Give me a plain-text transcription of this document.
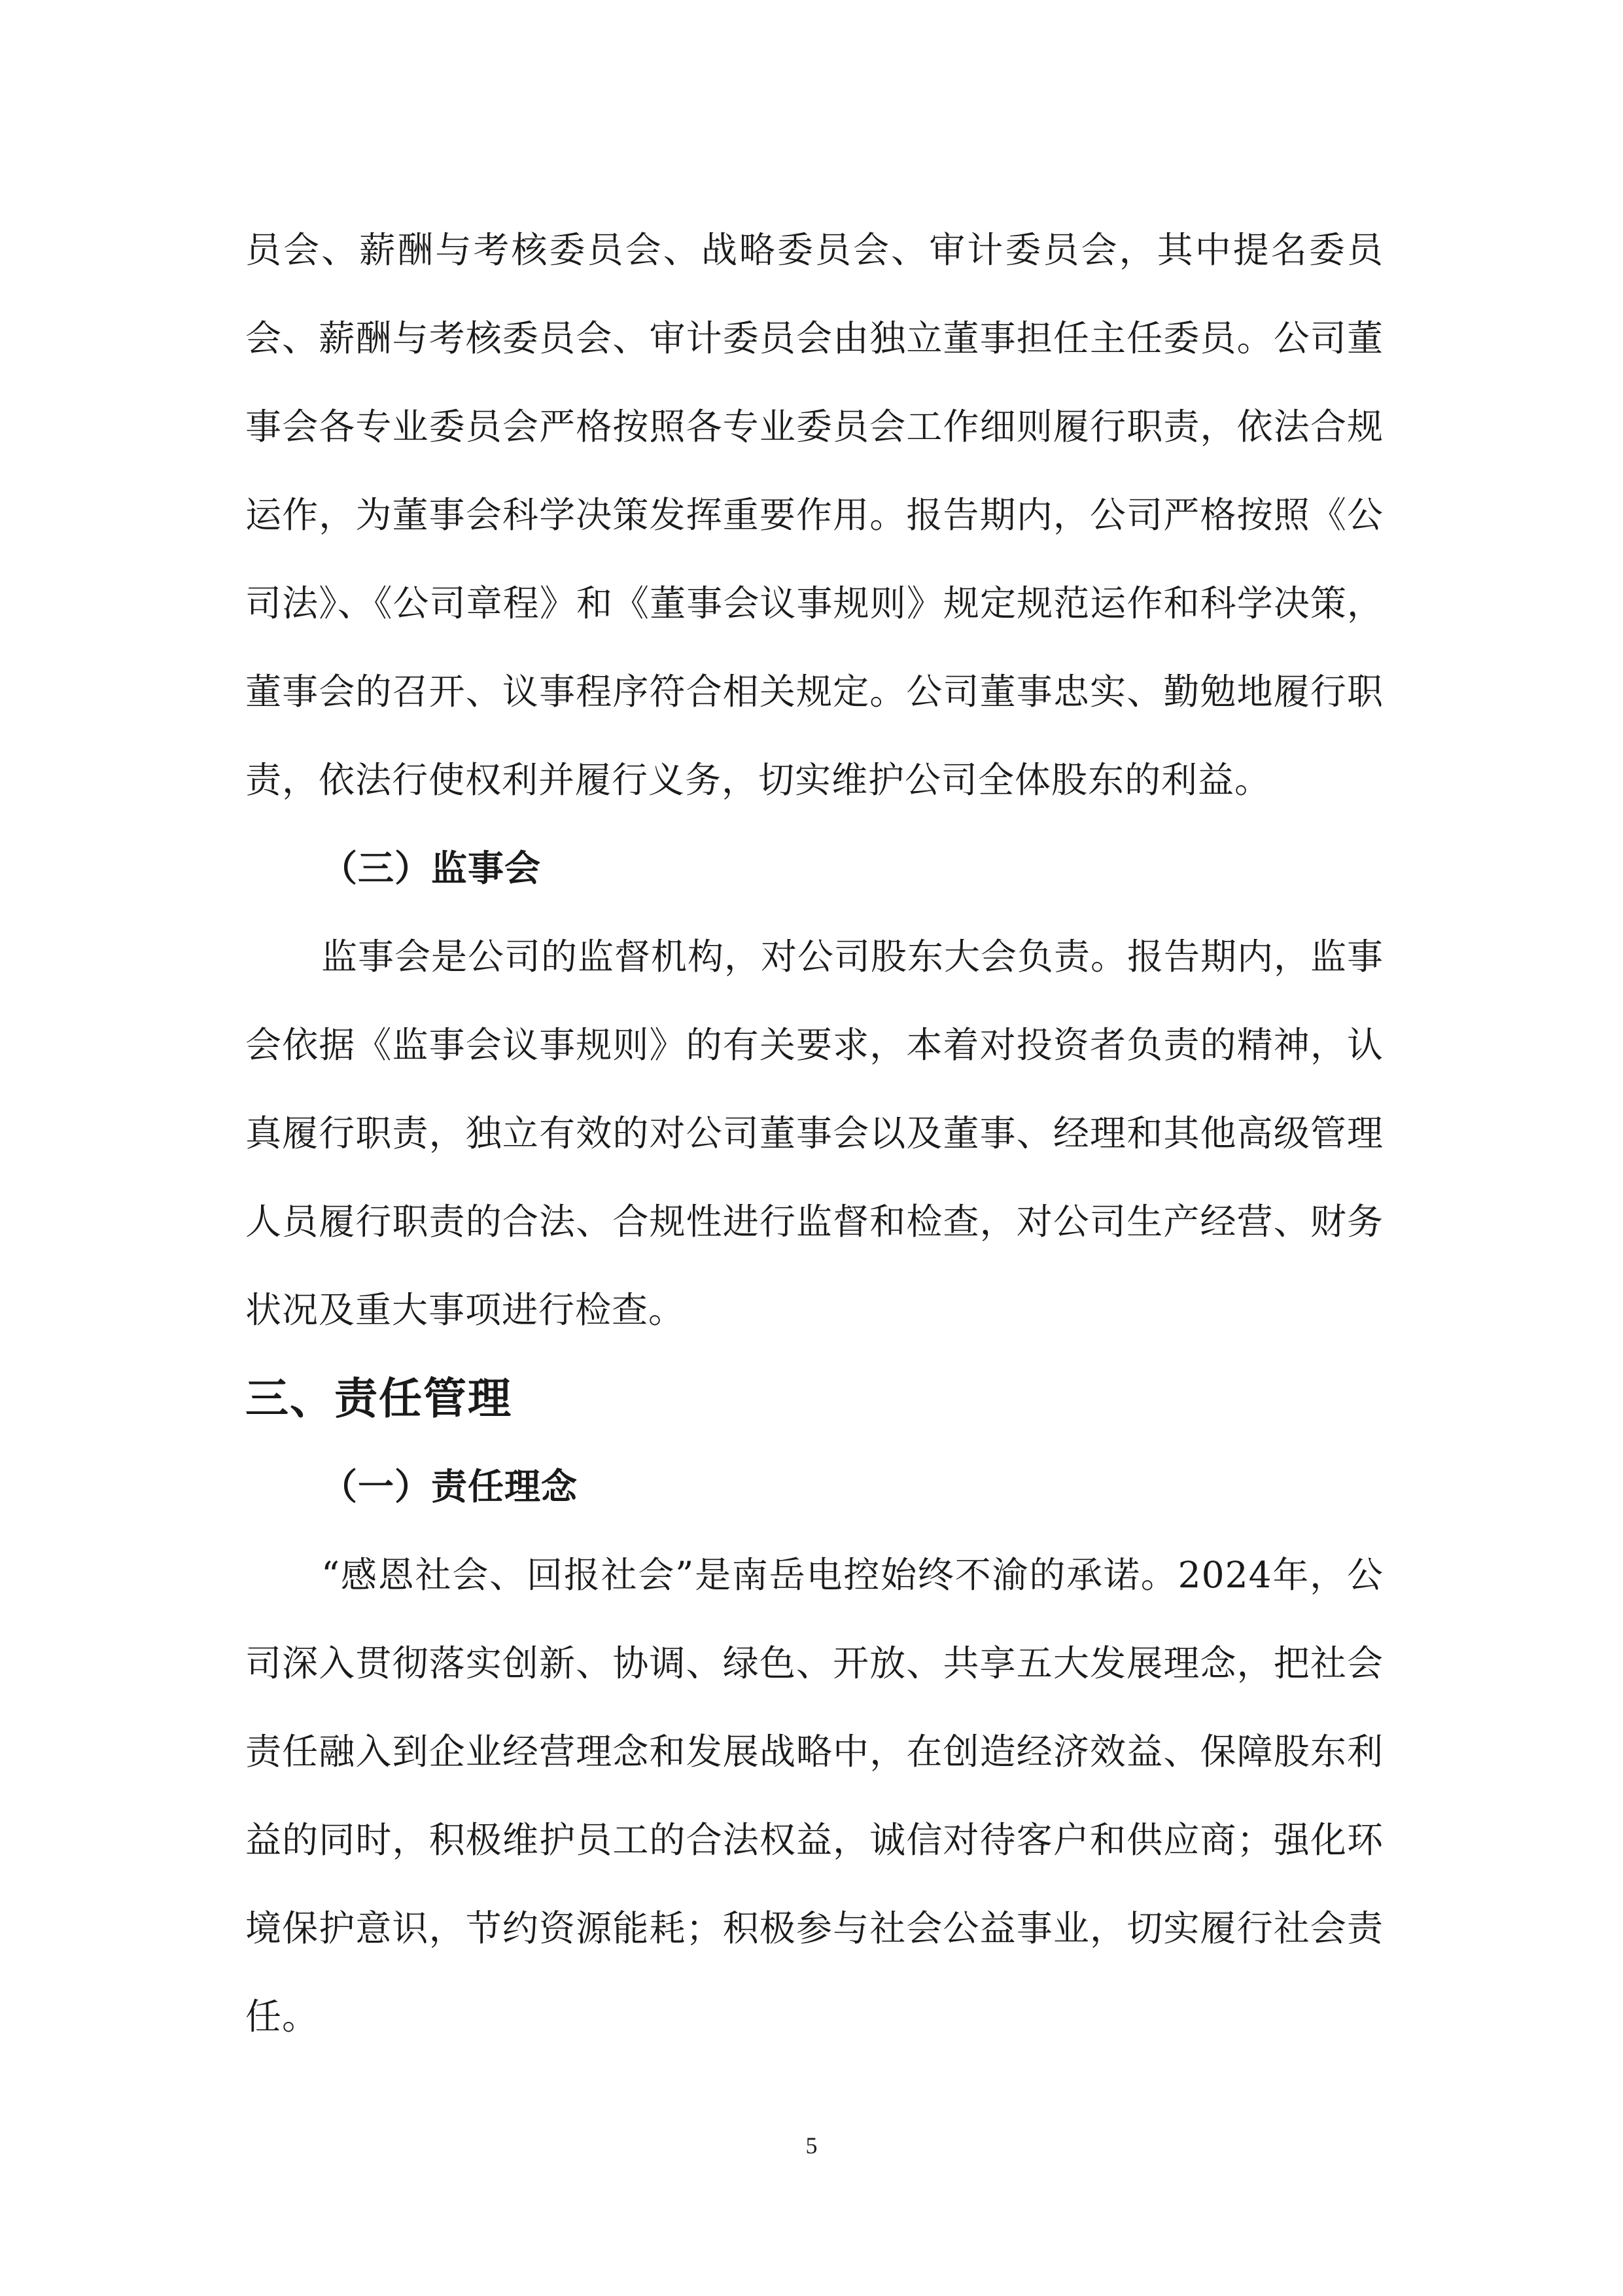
员会、薪酬与考核委员会、战略委员会、审计委员会，其中提名委员会、薪酬与考核委员会、审计委员会由独立董事担任主任委员。公司董事会各专业委员会严格按照各专业委员会工作细则履行职责，依法合规运作，为董事会科学决策发挥重要作用。报告期内，公司严格按照《公司法》、《公司章程》和《董事会议事规则》规定规范运作和科学决策，董事会的召开、议事程序符合相关规定。公司董事忠实、勤勉地履行职责，依法行使权利并履行义务，切实维护公司全体股东的利益。

（三）监事会

监事会是公司的监督机构，对公司股东大会负责。报告期内，监事会依据《监事会议事规则》的有关要求，本着对投资者负责的精神，认真履行职责，独立有效的对公司董事会以及董事、经理和其他高级管理人员履行职责的合法、合规性进行监督和检查，对公司生产经营、财务状况及重大事项进行检查。

三、责任管理

（一）责任理念

“感恩社会、回报社会”是南岳电控始终不渝的承诺。2024年，公司深入贯彻落实创新、协调、绿色、开放、共享五大发展理念，把社会责任融入到企业经营理念和发展战略中，在创造经济效益、保障股东利益的同时，积极维护员工的合法权益，诚信对待客户和供应商；强化环境保护意识，节约资源能耗；积极参与社会公益事业，切实履行社会责任。

5
